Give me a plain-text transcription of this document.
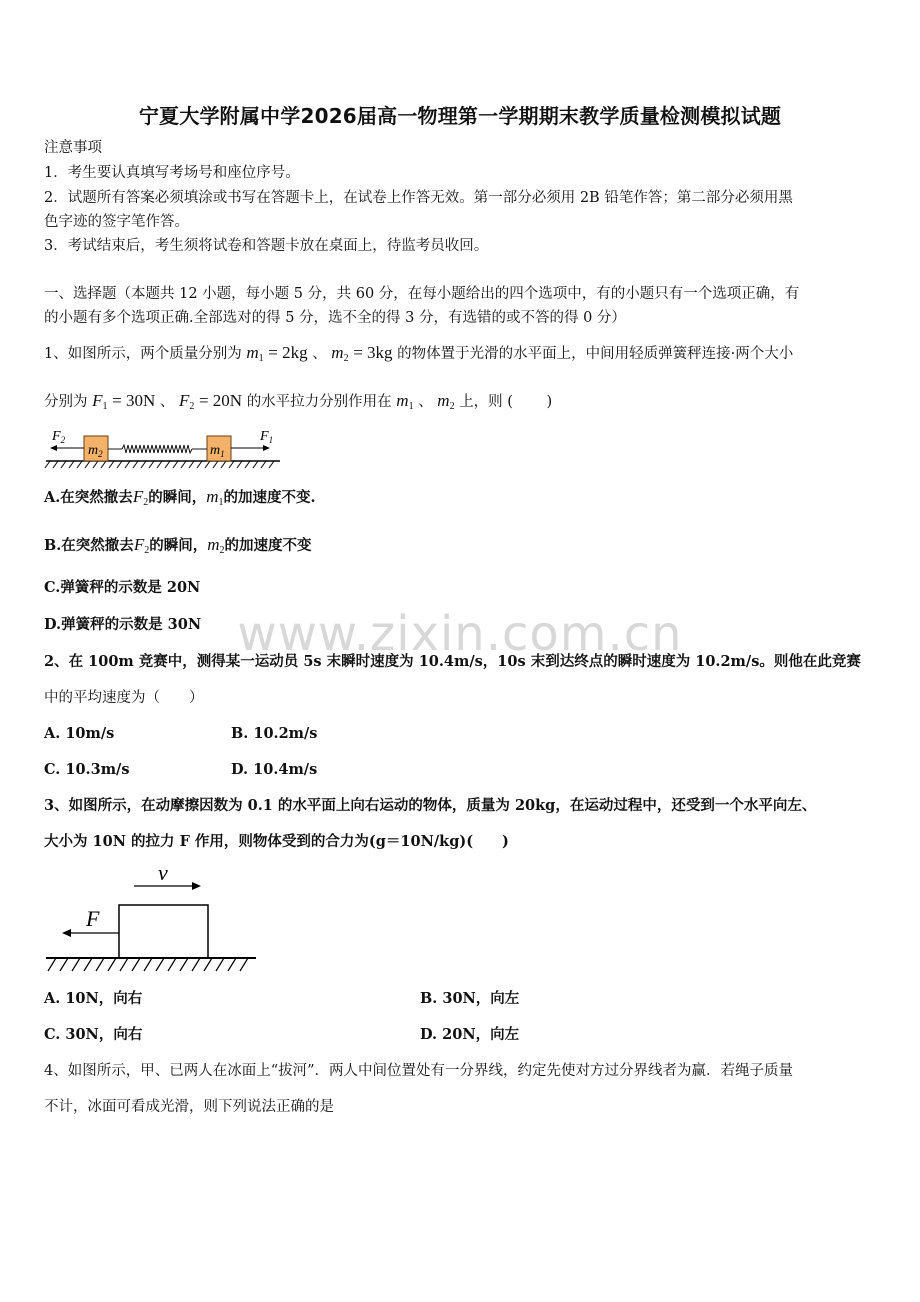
www.zixin.com.cn
宁夏大学附属中学2026届高一物理第一学期期末教学质量检测模拟试题
注意事项
1．考生要认真填写考场号和座位序号。
2．试题所有答案必须填涂或书写在答题卡上，在试卷上作答无效。第一部分必须用 2B 铅笔作答；第二部分必须用黑
色字迹的签字笔作答。
3．考试结束后，考生须将试卷和答题卡放在桌面上，待监考员收回。
一、选择题（本题共 12 小题，每小题 5 分，共 60 分，在每小题给出的四个选项中，有的小题只有一个选项正确，有
的小题有多个选项正确.全部选对的得 5 分，选不全的得 3 分，有选错的或不答的得 0 分）
1、如图所示，两个质量分别为 $m_1 = 2kg$ 、 $m_2 = 3kg$ 的物体置于光滑的水平面上，中间用轻质弹簧秤连接·两个大小
分别为 $F_1 = 30N$ 、 $F_2 = 20N$ 的水平拉力分别作用在 $m_1$ 、 $m_2$ 上，则 (　　 )
$m_2$	$m_1$
$F_2$	$F_1$
A.在突然撤去$F_2$的瞬间，$m_1$的加速度不变.
B.在突然撤去$F_2$的瞬间，$m_2$的加速度不变
C.弹簧秤的示数是 20N
D.弹簧秤的示数是 30N
2、在 100m 竞赛中，测得某一运动员 5s 末瞬时速度为 10.4m/s，10s 末到达终点的瞬时速度为 10.2m/s。则他在此竞赛
中的平均速度为（　　）
A. 10m/s	B. 10.2m/s
C. 10.3m/s	D. 10.4m/s
3、如图所示，在动摩擦因数为 0.1 的水平面上向右运动的物体，质量为 20kg，在运动过程中，还受到一个水平向左、
大小为 10N 的拉力 F 作用，则物体受到的合力为(g＝10N/kg)(　　)
v
F
A. 10N，向右	B. 30N，向左
C. 30N，向右	D. 20N，向左
4、如图所示，甲、已两人在冰面上“拔河”．两人中间位置处有一分界线，约定先使对方过分界线者为赢．若绳子质量
不计，冰面可看成光滑，则下列说法正确的是
